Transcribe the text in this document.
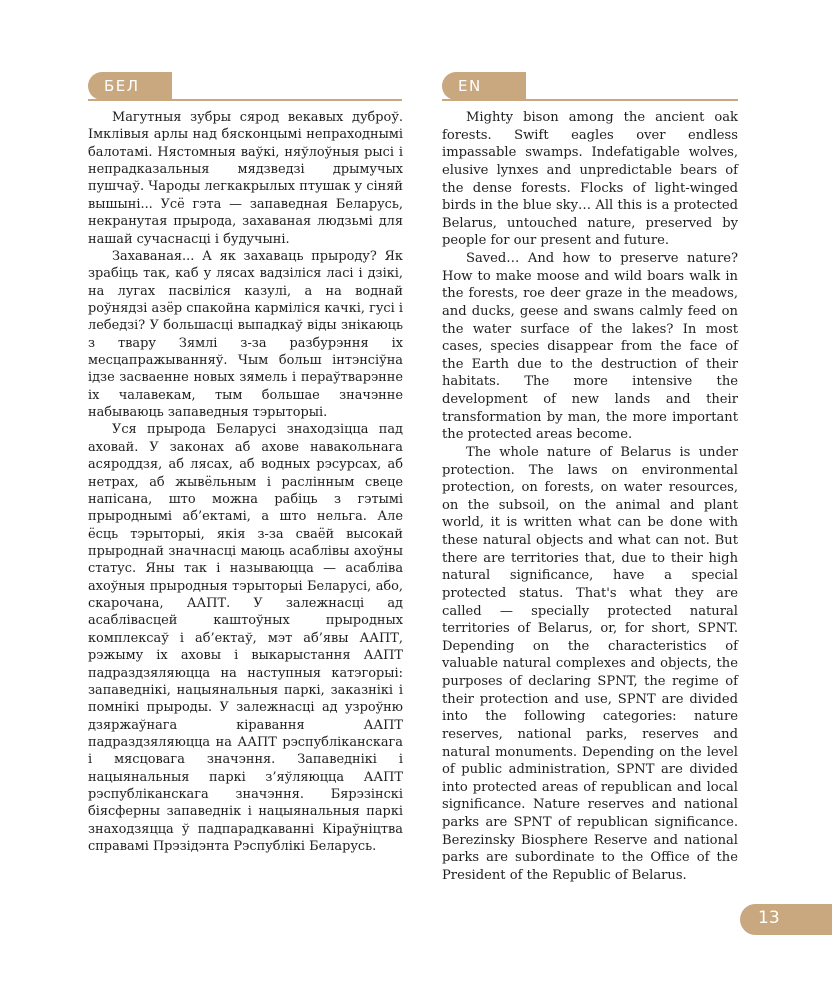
БЕЛ	EN

Магутныя зубры сярод векавых дуброў. Імклівыя арлы над бясконцымі непраходнымі балотамі. Нястомныя ваўкі, няўлоўныя рысі і непрадказальныя мядзведзі дрымучых пушчаў. Чароды легкакрылых птушак у сіняй вышыні... Усё гэта — запаведная Беларусь, некранутая прырода, захаваная людзьмі для нашай сучаснасці і будучыні.

Захаваная... А як захаваць прыроду? Як зрабіць так, каб у лясах вадзіліся ласі і дзікі, на лугах пасвіліся казулі, а на воднай роўнядзі азёр спакойна карміліся качкі, гусі і лебедзі? У большасці выпадкаў віды знікаюць з твару Зямлі з-за разбурэння іх месцапражыванняў. Чым больш інтэнсіўна ідзе засваенне новых зямель і пераўтварэнне іх чалавекам, тым большае значэнне набываюць запаведныя тэрыторыі.

Уся прырода Беларусі знаходзіцца пад аховай. У законах аб ахове навакольнага асяроддзя, аб лясах, аб водных рэсурсах, аб нетрах, аб жывёльным і раслінным свеце напісана, што можна рабіць з гэтымі прыроднымі аб’ектамі, а што нельга. Але ёсць тэрыторыі, якія з-за сваёй высокай прыроднай значнасці маюць асаблівы ахоўны статус. Яны так і называюцца — асабліва ахоўныя прыродныя тэрыторыі Беларусі, або, скарочана, ААПТ. У залежнасці ад асаблівасцей каштоўных прыродных комплексаў і аб’ектаў, мэт аб’явы ААПТ, рэжыму іх аховы і выкарыстання ААПТ падраздзяляюцца на наступныя катэгорыі: запаведнікі, нацыянальныя паркі, заказнікі і помнікі прыроды. У залежнасці ад узроўню дзяржаўнага кіравання ААПТ падраздзяляюцца на ААПТ рэспубліканскага і мясцовага значэння. Запаведнікі і нацыянальныя паркі з’яўляюцца ААПТ рэспубліканскага значэння. Бярэзінскі біясферны запаведнік і нацыянальныя паркі знаходзяцца ў падпарадкаванні Кіраўніцтва справамі Прэзідэнта Рэспублікі Беларусь.

Mighty bison among the ancient oak forests. Swift eagles over endless impassable swamps. Indefatigable wolves, elusive lynxes and unpredictable bears of the dense forests. Flocks of light-winged birds in the blue sky… All this is a protected Belarus, untouched nature, preserved by people for our present and future.

Saved… And how to preserve nature? How to make moose and wild boars walk in the forests, roe deer graze in the meadows, and ducks, geese and swans calmly feed on the water surface of the lakes? In most cases, species disappear from the face of the Earth due to the destruction of their habitats. The more intensive the development of new lands and their transformation by man, the more important the protected areas become.

The whole nature of Belarus is under protection. The laws on environmental protection, on forests, on water resources, on the subsoil, on the animal and plant world, it is written what can be done with these natural objects and what can not. But there are territories that, due to their high natural significance, have a special protected status. That's what they are called — specially protected natural territories of Belarus, or, for short, SPNT. Depending on the characteristics of valuable natural complexes and objects, the purposes of declaring SPNT, the regime of their protection and use, SPNT are divided into the following categories: nature reserves, national parks, reserves and natural monuments. Depending on the level of public administration, SPNT are divided into protected areas of republican and local significance. Nature reserves and national parks are SPNT of republican significance. Berezinsky Biosphere Reserve and national parks are subordinate to the Office of the President of the Republic of Belarus.

13
